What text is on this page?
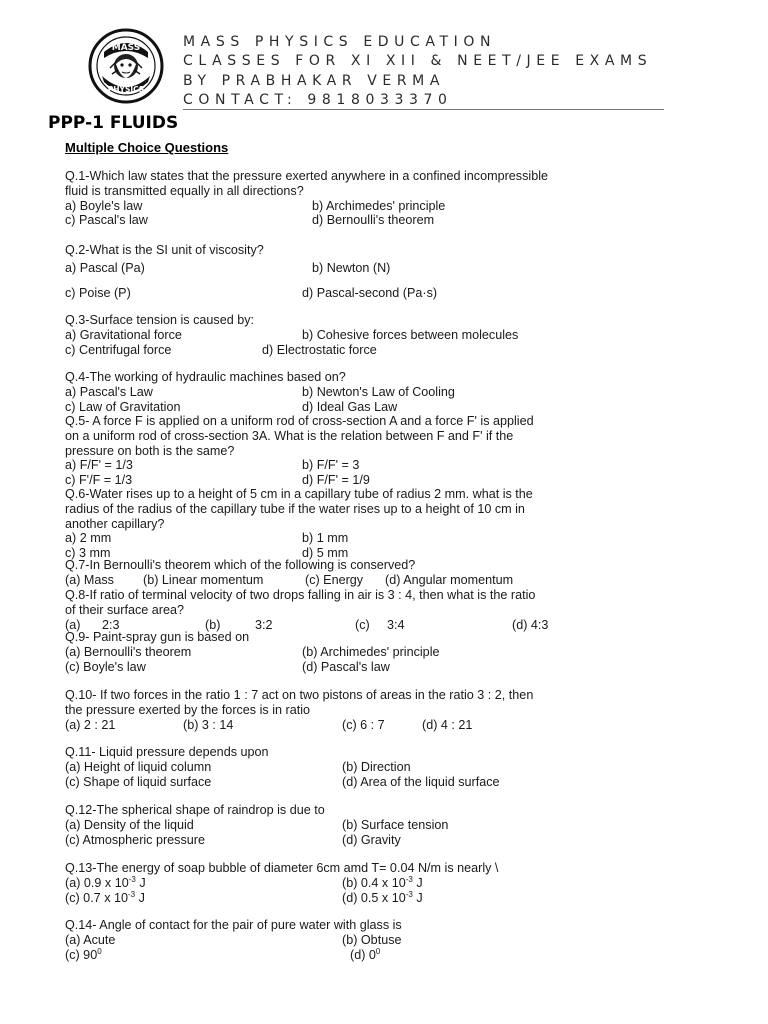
MASS
PHYSICS
MASS PHYSICS EDUCATION
CLASSES FOR XI XII & NEET/JEE EXAMS
BY PRABHAKAR VERMA
CONTACT: 9818033370
PPP-1 FLUIDS
Multiple Choice Questions

Q.1-Which law states that the pressure exerted anywhere in a confined incompressible

fluid is transmitted equally in all directions?

a) Boyle's law	b) Archimedes' principle
c) Pascal's law	d) Bernoulli's theorem

Q.2-What is the SI unit of viscosity?

a) Pascal (Pa)	b) Newton (N)
c) Poise (P)	d) Pascal-second (Pa·s)

Q.3-Surface tension is caused by:

a) Gravitational force	b) Cohesive forces between molecules
c) Centrifugal force	d) Electrostatic force

Q.4-The working of hydraulic machines based on?

a) Pascal's Law	b) Newton's Law of Cooling
c) Law of Gravitation	d) Ideal Gas Law

Q.5- A force F is applied on a uniform rod of cross-section A and a force F' is applied

on a uniform rod of cross-section 3A. What is the relation between F and F' if the

pressure on both is the same?

a) F/F' = 1/3	b) F/F' = 3
c) F'/F = 1/3	d) F/F' = 1/9

Q.6-Water rises up to a height of 5 cm in a capillary tube of radius 2 mm. what is the

radius of the radius of the capillary tube if the water rises up to a height of 10 cm in

another capillary?

a) 2 mm	b) 1 mm
c) 3 mm	d) 5 mm

Q.7-In Bernoulli's theorem which of the following is conserved?

(a) Mass (b) Linear momentum	(c) Energy (d) Angular momentum

Q.8-If ratio of terminal velocity of two drops falling in air is 3 : 4, then what is the ratio

of their surface area?

(a) 2:3	(b)	3:2	(c) 3:4	(d) 4:3

Q.9- Paint-spray gun is based on

(a) Bernoulli's theorem	(b) Archimedes' principle
(c) Boyle's law	(d) Pascal's law

Q.10- If two forces in the ratio 1 : 7 act on two pistons of areas in the ratio 3 : 2, then

the pressure exerted by the forces is in ratio

(a) 2 : 21	(b) 3 : 14	(c) 6 : 7	(d) 4 : 21

Q.11- Liquid pressure depends upon

(a) Height of liquid column	(b) Direction
(c) Shape of liquid surface	(d) Area of the liquid surface

Q.12-The spherical shape of raindrop is due to

(a) Density of the liquid	(b) Surface tension
(c) Atmospheric pressure	(d) Gravity

Q.13-The energy of soap bubble of diameter 6cm amd T= 0.04 N/m is nearly \

(a) 0.9 x $10^{-3}$ J	(b) 0.4 x $10^{-3}$ J
(c) 0.7 x $10^{-3}$ J	(d) 0.5 x $10^{-3}$ J

Q.14- Angle of contact for the pair of pure water with glass is

(a) Acute	(b) Obtuse
(c) $90^0$	(d) $0^0$
